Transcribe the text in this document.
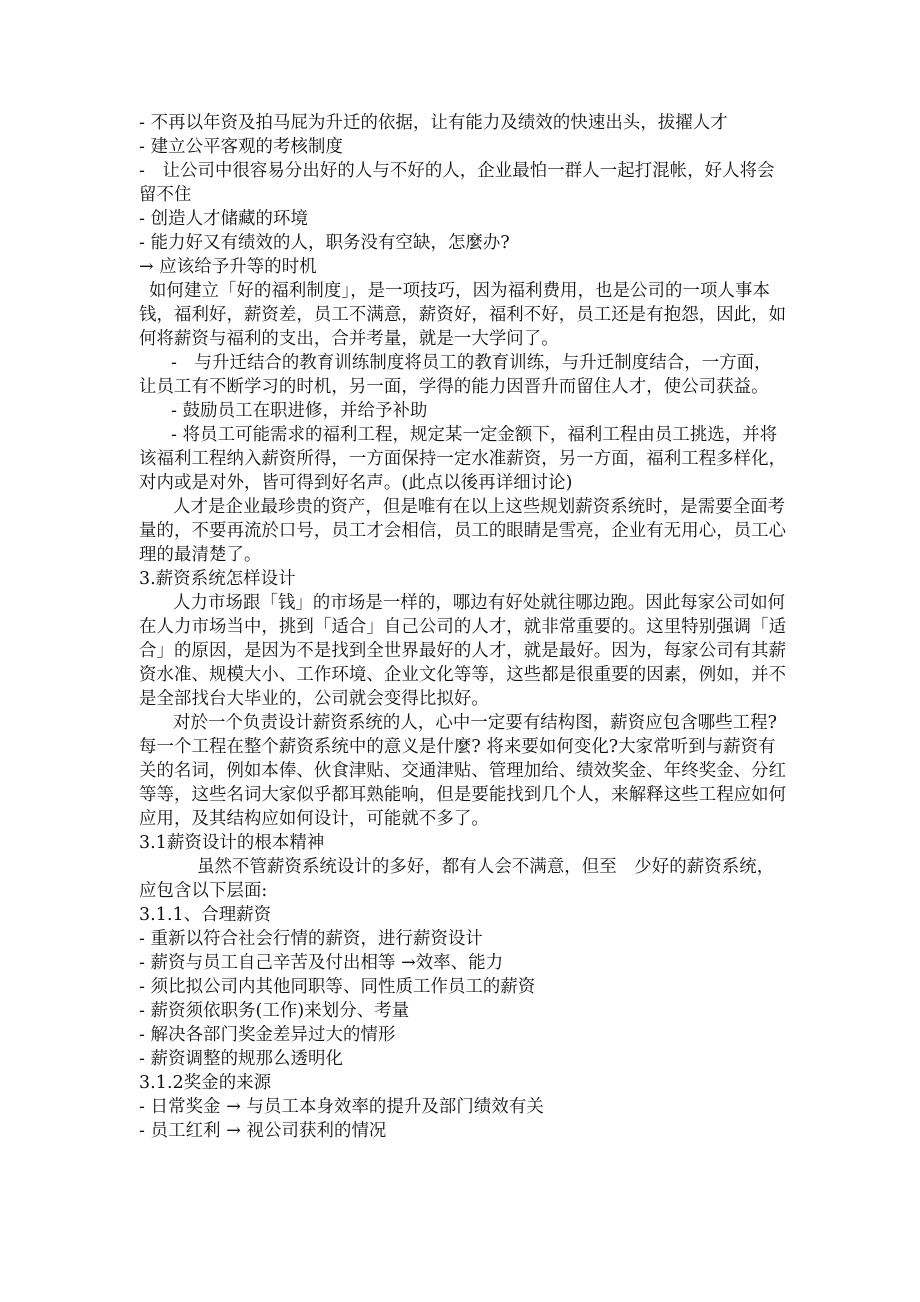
- 不再以年资及拍马屁为升迁的依据，让有能力及绩效的快速出头，拔擢人才

- 建立公平客观的考核制度

-　让公司中很容易分出好的人与不好的人，企业最怕一群人一起打混帐，好人将会留不住

- 创造人才储藏的环境

- 能力好又有绩效的人，职务没有空缺，怎麼办?

→ 应该给予升等的时机

如何建立「好的福利制度」，是一项技巧，因为福利费用，也是公司的一项人事本钱，福利好，薪资差，员工不满意，薪资好，福利不好，员工还是有抱怨，因此，如何将薪资与福利的支出，合并考量，就是一大学问了。

-　与升迁结合的教育训练制度将员工的教育训练，与升迁制度结合，一方面，让员工有不断学习的时机，另一面，学得的能力因晋升而留住人才，使公司获益。

- 鼓励员工在职进修，并给予补助

- 将员工可能需求的福利工程，规定某一定金额下，福利工程由员工挑选，并将该福利工程纳入薪资所得，一方面保持一定水准薪资，另一方面，福利工程多样化，对内或是对外，皆可得到好名声。(此点以後再详细讨论)

人才是企业最珍贵的资产，但是唯有在以上这些规划薪资系统时，是需要全面考量的，不要再流於口号，员工才会相信，员工的眼睛是雪亮，企业有无用心，员工心理的最清楚了。

3.薪资系统怎样设计

人力市场跟「钱」的市场是一样的，哪边有好处就往哪边跑。因此每家公司如何在人力市场当中，挑到「适合」自己公司的人才，就非常重要的。这里特别强调「适合」的原因，是因为不是找到全世界最好的人才，就是最好。因为，每家公司有其薪资水准、规模大小、工作环境、企业文化等等，这些都是很重要的因素，例如，并不是全部找台大毕业的，公司就会变得比拟好。

对於一个负责设计薪资系统的人，心中一定要有结构图，薪资应包含哪些工程? 每一个工程在整个薪资系统中的意义是什麼? 将来要如何变化?大家常听到与薪资有关的名词，例如本俸、伙食津贴、交通津贴、管理加给、绩效奖金、年终奖金、分红等等，这些名词大家似乎都耳熟能响，但是要能找到几个人，来解释这些工程应如何应用，及其结构应如何设计，可能就不多了。

3.1薪资设计的根本精神

虽然不管薪资系统设计的多好，都有人会不满意，但至　少好的薪资系统，应包含以下层面:

3.1.1、合理薪资

- 重新以符合社会行情的薪资，进行薪资设计

- 薪资与员工自己辛苦及付出相等 →效率、能力

- 须比拟公司内其他同职等、同性质工作员工的薪资

- 薪资须依职务(工作)来划分、考量

- 解决各部门奖金差异过大的情形

- 薪资调整的规那么透明化

3.1.2奖金的来源

- 日常奖金 → 与员工本身效率的提升及部门绩效有关

- 员工红利 → 视公司获利的情况
